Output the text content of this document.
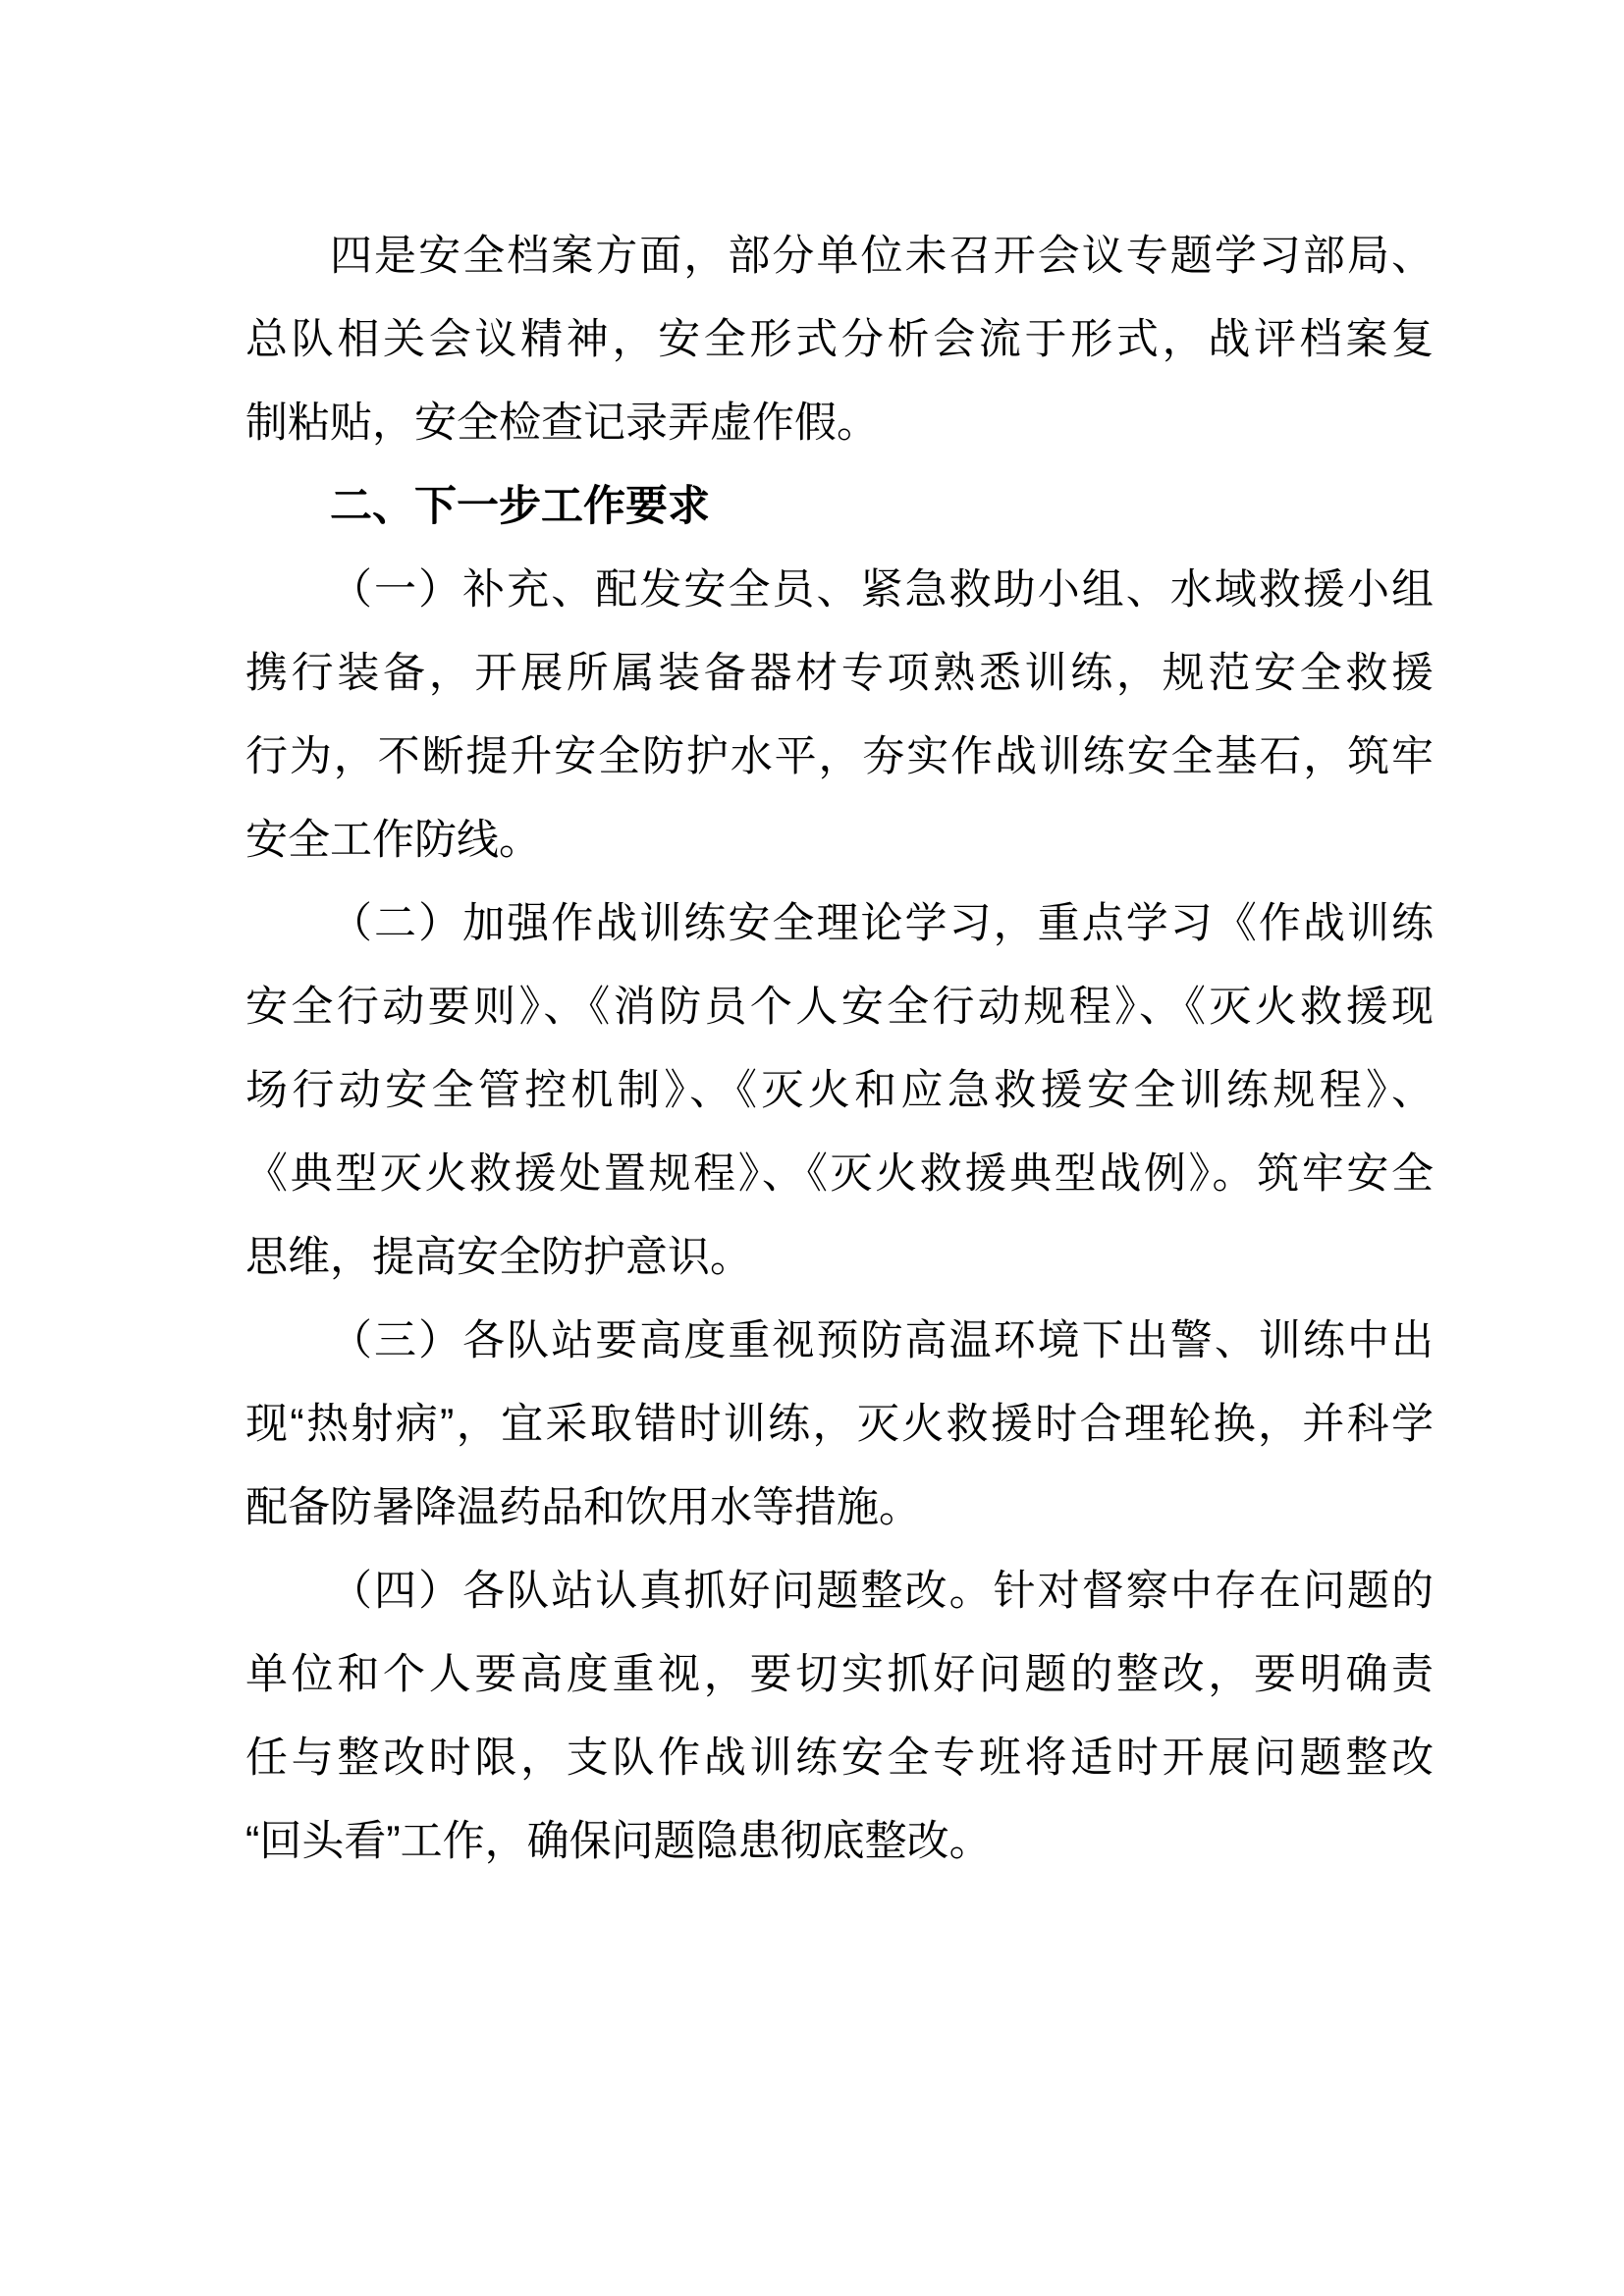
四是安全档案方面，部分单位未召开会议专题学习部局、
总队相关会议精神，安全形式分析会流于形式，战评档案复
制粘贴，安全检查记录弄虚作假。
二、下一步工作要求
（一）补充、配发安全员、紧急救助小组、水域救援小组
携行装备，开展所属装备器材专项熟悉训练，规范安全救援
行为，不断提升安全防护水平，夯实作战训练安全基石，筑牢
安全工作防线。
（二）加强作战训练安全理论学习，重点学习《作战训练
安全行动要则》、《消防员个人安全行动规程》、《灭火救援现
场行动安全管控机制》、《灭火和应急救援安全训练规程》、
《典型灭火救援处置规程》、《灭火救援典型战例》。筑牢安全
思维，提高安全防护意识。
（三）各队站要高度重视预防高温环境下出警、训练中出
现“热射病”，宜采取错时训练，灭火救援时合理轮换，并科学
配备防暑降温药品和饮用水等措施。
（四）各队站认真抓好问题整改。针对督察中存在问题的
单位和个人要高度重视，要切实抓好问题的整改，要明确责
任与整改时限，支队作战训练安全专班将适时开展问题整改
“回头看”工作，确保问题隐患彻底整改。
